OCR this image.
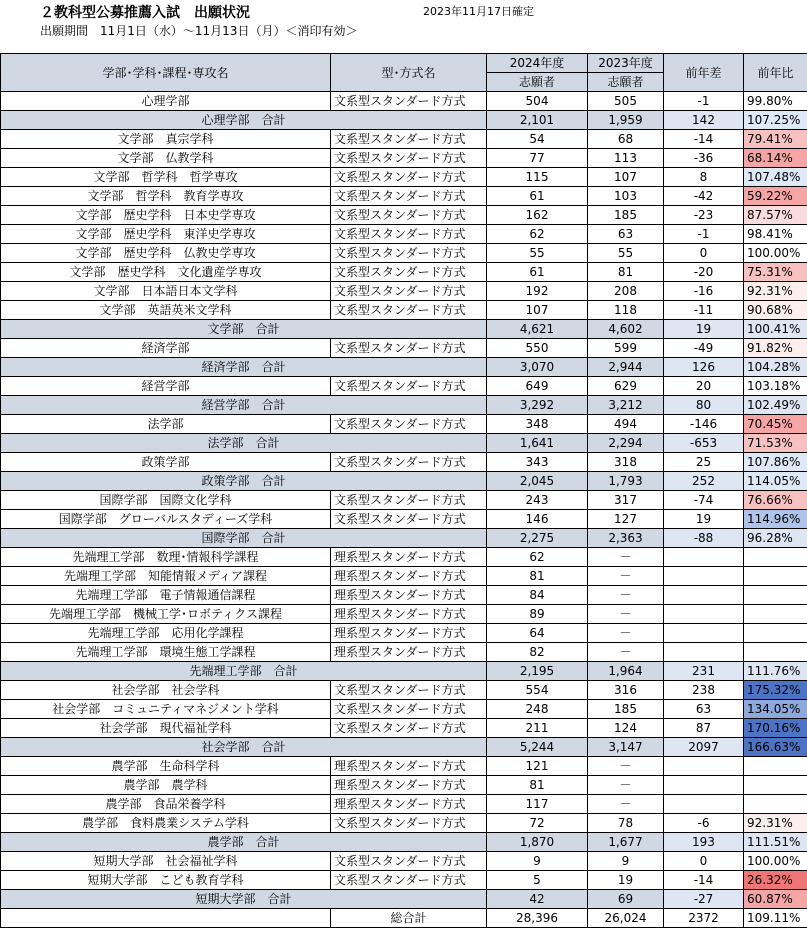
２教科型公募推薦入試　出願状況
出願期間　11月1日（水）～11月13日（月）＜消印有効＞
2023年11月17日確定
学部･学科･課程･専攻名	型･方式名	2024年度	2023年度	前年差	前年比
		志願者	志願者		
心理学部	文系型スタンダード方式	504	505	-1	99.80%
心理学部　合計		2,101	1,959	142	107.25%
文学部　真宗学科	文系型スタンダード方式	54	68	-14	79.41%
文学部　仏教学科	文系型スタンダード方式	77	113	-36	68.14%
文学部　哲学科　哲学専攻	文系型スタンダード方式	115	107	8	107.48%
文学部　哲学科　教育学専攻	文系型スタンダード方式	61	103	-42	59.22%
文学部　歴史学科　日本史学専攻	文系型スタンダード方式	162	185	-23	87.57%
文学部　歴史学科　東洋史学専攻	文系型スタンダード方式	62	63	-1	98.41%
文学部　歴史学科　仏教史学専攻	文系型スタンダード方式	55	55	0	100.00%
文学部　歴史学科　文化遺産学専攻	文系型スタンダード方式	61	81	-20	75.31%
文学部　日本語日本文学科	文系型スタンダード方式	192	208	-16	92.31%
文学部　英語英米文学科	文系型スタンダード方式	107	118	-11	90.68%
文学部　合計		4,621	4,602	19	100.41%
経済学部	文系型スタンダード方式	550	599	-49	91.82%
経済学部　合計		3,070	2,944	126	104.28%
経営学部	文系型スタンダード方式	649	629	20	103.18%
経営学部　合計		3,292	3,212	80	102.49%
法学部	文系型スタンダード方式	348	494	-146	70.45%
法学部　合計		1,641	2,294	-653	71.53%
政策学部	文系型スタンダード方式	343	318	25	107.86%
政策学部　合計		2,045	1,793	252	114.05%
国際学部　国際文化学科	文系型スタンダード方式	243	317	-74	76.66%
国際学部　グローバルスタディーズ学科	文系型スタンダード方式	146	127	19	114.96%
国際学部　合計		2,275	2,363	-88	96.28%
先端理工学部　数理･情報科学課程	理系型スタンダード方式	62	－		
先端理工学部　知能情報メディア課程	理系型スタンダード方式	81	－		
先端理工学部　電子情報通信課程	理系型スタンダード方式	84	－		
先端理工学部　機械工学･ロボティクス課程	理系型スタンダード方式	89	－		
先端理工学部　応用化学課程	理系型スタンダード方式	64	－		
先端理工学部　環境生態工学課程	理系型スタンダード方式	82	－		
先端理工学部　合計		2,195	1,964	231	111.76%
社会学部　社会学科	文系型スタンダード方式	554	316	238	175.32%
社会学部　コミュニティマネジメント学科	文系型スタンダード方式	248	185	63	134.05%
社会学部　現代福祉学科	文系型スタンダード方式	211	124	87	170.16%
社会学部　合計		5,244	3,147	2097	166.63%
農学部　生命科学科	理系型スタンダード方式	121	－		
農学部　農学科	理系型スタンダード方式	81	－		
農学部　食品栄養学科	理系型スタンダード方式	117	－		
農学部　食料農業システム学科	文系型スタンダード方式	72	78	-6	92.31%
農学部　合計		1,870	1,677	193	111.51%
短期大学部　社会福祉学科	文系型スタンダード方式	9	9	0	100.00%
短期大学部　こども教育学科	文系型スタンダード方式	5	19	-14	26.32%
短期大学部　合計		42	69	-27	60.87%
	総合計	28,396	26,024	2372	109.11%
